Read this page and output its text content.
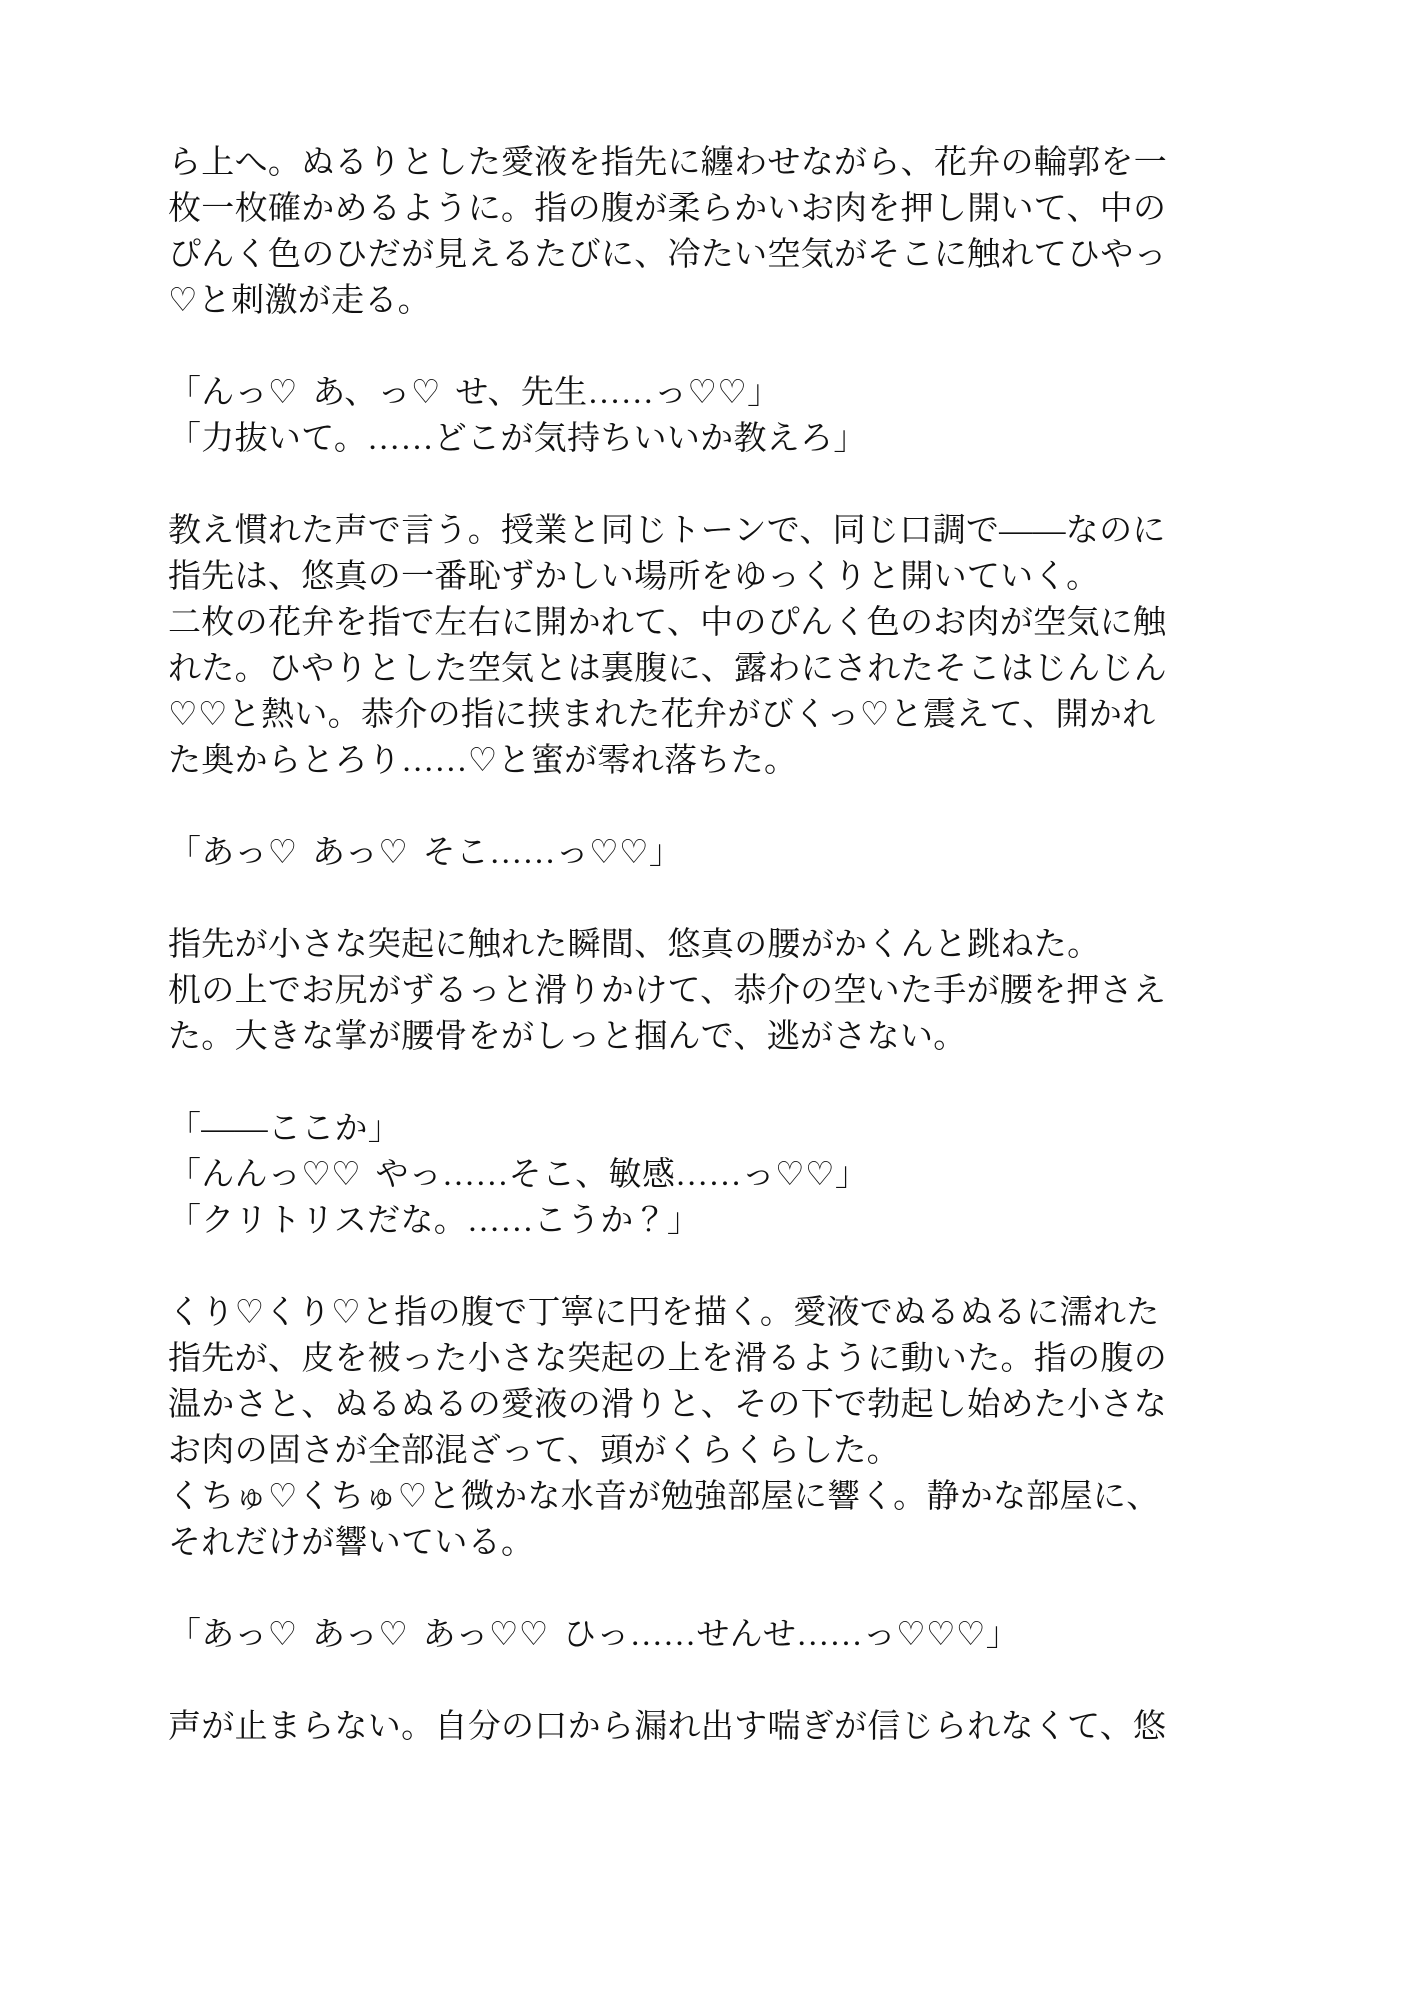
ら上へ。ぬるりとした愛液を指先に纏わせながら、花弁の輪郭を一
枚一枚確かめるように。指の腹が柔らかいお肉を押し開いて、中の
ぴんく色のひだが見えるたびに、冷たい空気がそこに触れてひやっ
♡と刺激が走る。

「んっ♡ あ、っ♡ せ、先生……っ♡♡」
「力抜いて。……どこが気持ちいいか教えろ」

教え慣れた声で言う。授業と同じトーンで、同じ口調で——なのに
指先は、悠真の一番恥ずかしい場所をゆっくりと開いていく。
二枚の花弁を指で左右に開かれて、中のぴんく色のお肉が空気に触
れた。ひやりとした空気とは裏腹に、露わにされたそこはじんじん
♡♡と熱い。恭介の指に挟まれた花弁がびくっ♡と震えて、開かれ
た奥からとろり……♡と蜜が零れ落ちた。

「あっ♡ あっ♡ そこ……っ♡♡」

指先が小さな突起に触れた瞬間、悠真の腰がかくんと跳ねた。
机の上でお尻がずるっと滑りかけて、恭介の空いた手が腰を押さえ
た。大きな掌が腰骨をがしっと掴んで、逃がさない。

「——ここか」
「んんっ♡♡ やっ……そこ、敏感……っ♡♡」
「クリトリスだな。……こうか？」

くり♡くり♡と指の腹で丁寧に円を描く。愛液でぬるぬるに濡れた
指先が、皮を被った小さな突起の上を滑るように動いた。指の腹の
温かさと、ぬるぬるの愛液の滑りと、その下で勃起し始めた小さな
お肉の固さが全部混ざって、頭がくらくらした。
くちゅ♡くちゅ♡と微かな水音が勉強部屋に響く。静かな部屋に、
それだけが響いている。

「あっ♡ あっ♡ あっ♡♡ ひっ……せんせ……っ♡♡♡」

声が止まらない。自分の口から漏れ出す喘ぎが信じられなくて、悠
